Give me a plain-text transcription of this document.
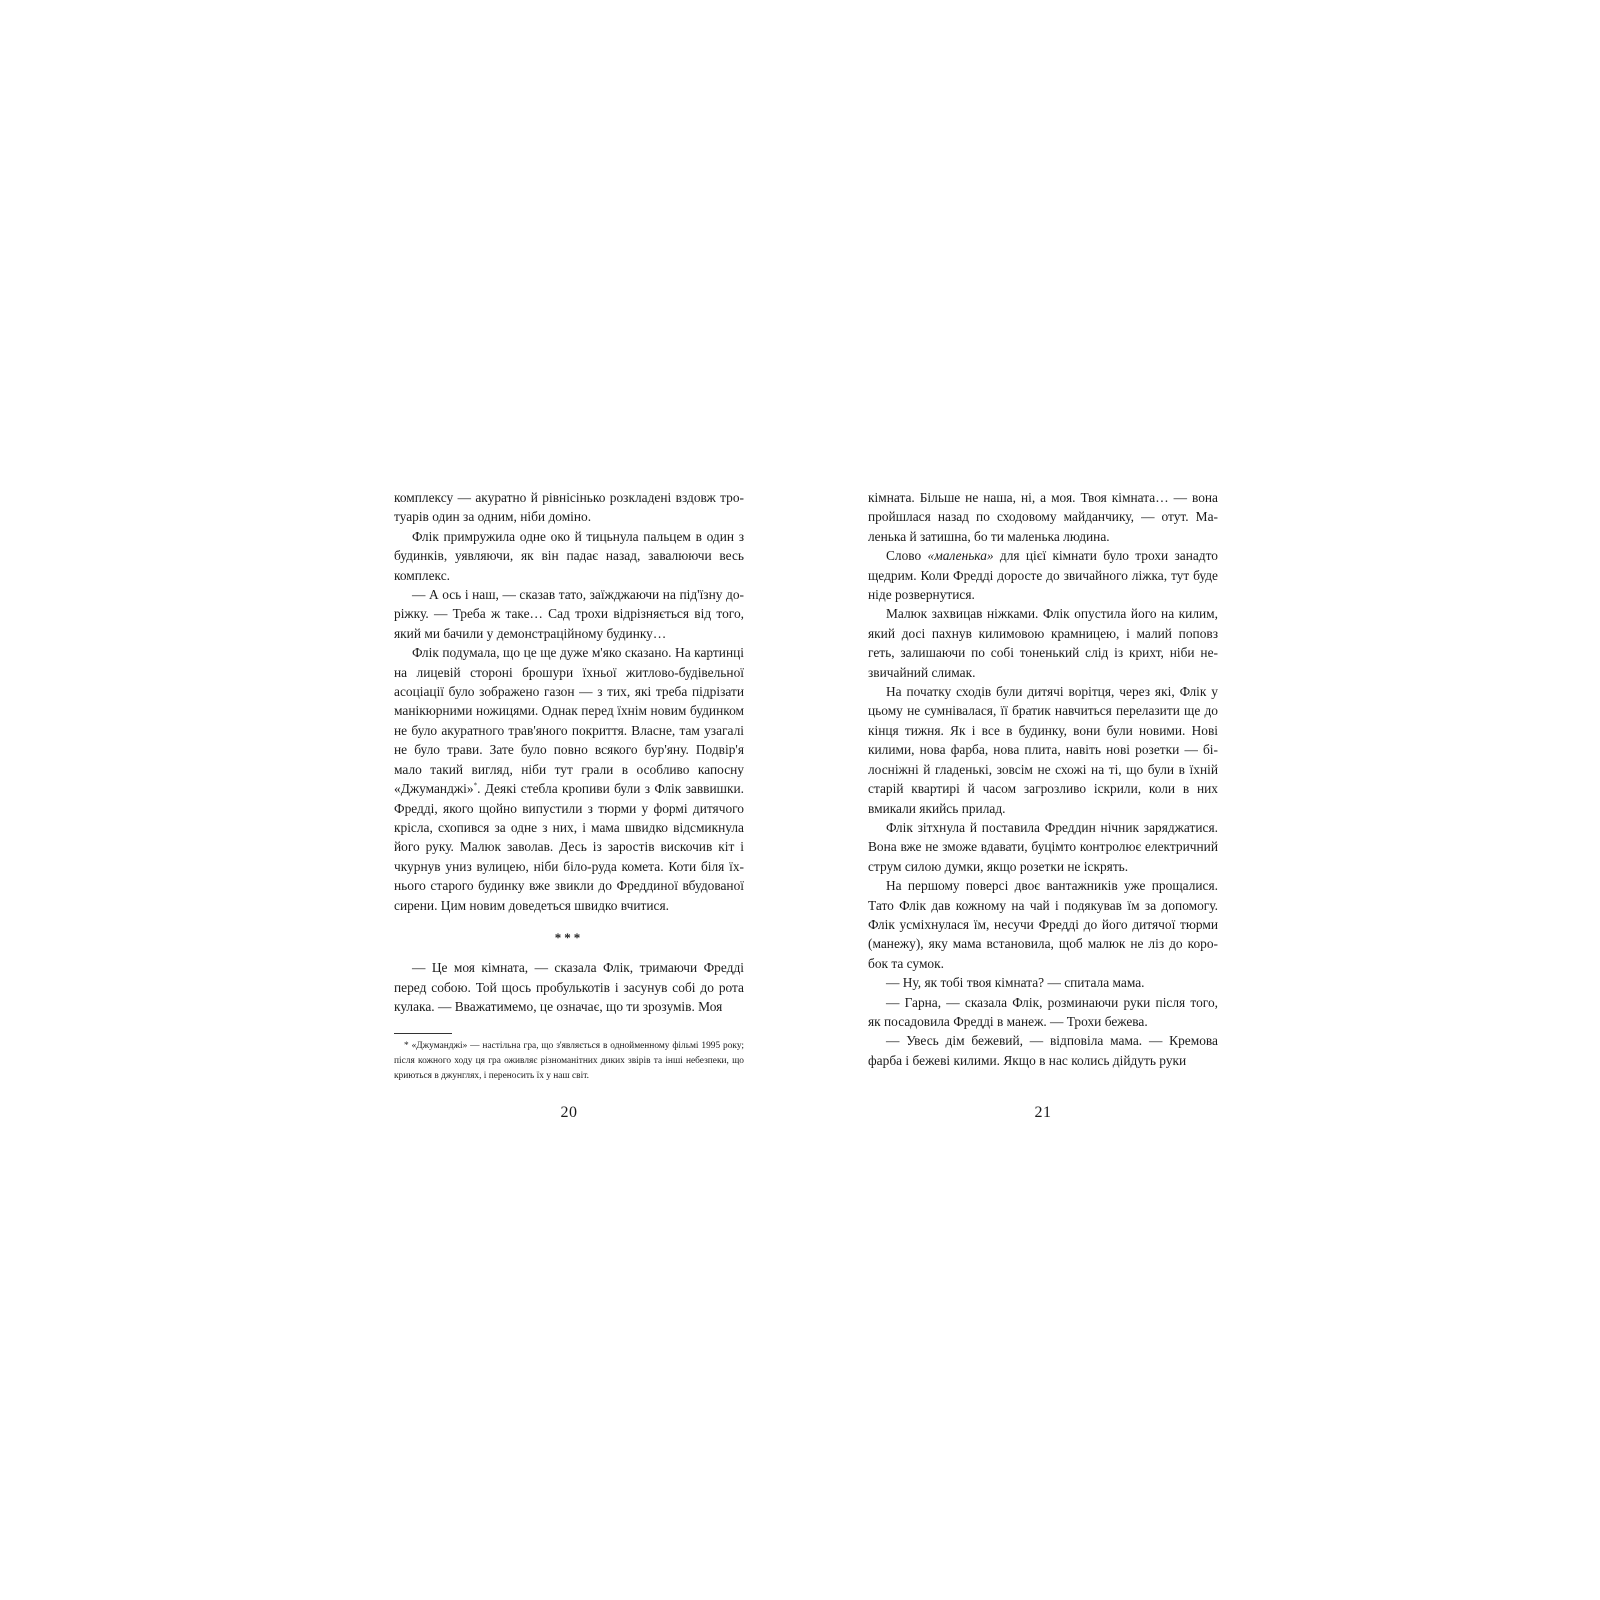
комплексу — акуратно й рівнісінько розкладені вздовж тротуарів один за одним, ніби доміно.

Флік примружила одне око й тицьнула пальцем в один з будинків, уявляючи, як він падає назад, завалюючи весь комплекс.

— А ось і наш, — сказав тато, заїжджаючи на під'їзну доріжку. — Треба ж таке… Сад трохи відрізняється від того, який ми бачили у демонстраційному будинку…

Флік подумала, що це ще дуже м'яко сказано. На картинці на лицевій стороні брошури їхньої житлово-будівельної асоціації було зображено газон — з тих, які треба підрізати манікюрними ножицями. Однак перед їхнім новим будинком не було акуратного трав'яного покриття. Власне, там узагалі не було трави. Зате було повно всякого бур'яну. Подвір'я мало такий вигляд, ніби тут грали в особливо капосну «Джуманджі»*. Деякі стебла кропиви були з Флік заввишки. Фредді, якого щойно випустили з тюрми у формі дитячого крісла, схопився за одне з них, і мама швидко відсмикнула його руку. Малюк заволав. Десь із заростів вискочив кіт і чкурнув униз вулицею, ніби біло-руда комета. Коти біля їхнього старого будинку вже звикли до Фреддиної вбудованої сирени. Цим новим доведеться швидко вчитися.

***

— Це моя кімната, — сказала Флік, тримаючи Фредді перед собою. Той щось пробулькотів і засунув собі до рота кулака. — Вважатимемо, це означає, що ти зрозумів. Моя

* «Джуманджі» — настільна гра, що з'являється в однойменному фільмі 1995 року; після кожного ходу ця гра оживляє різноманітних диких звірів та інші небезпеки, що криються в джунглях, і переносить їх у наш світ.

кімната. Більше не наша, ні, а моя. Твоя кімната… — вона пройшлася назад по сходовому майданчику, — отут. Маленька й затишна, бо ти маленька людина.

Слово «маленька» для цієї кімнати було трохи занадто щедрим. Коли Фредді доросте до звичайного ліжка, тут буде ніде розвернутися.

Малюк захвицав ніжками. Флік опустила його на килим, який досі пахнув килимовою крамницею, і малий поповз геть, залишаючи по собі тоненький слід із крихт, ніби незвичайний слимак.

На початку сходів були дитячі ворітця, через які, Флік у цьому не сумнівалася, її братик навчиться перелазити ще до кінця тижня. Як і все в будинку, вони були новими. Нові килими, нова фарба, нова плита, навіть нові розетки — білосніжні й гладенькі, зовсім не схожі на ті, що були в їхній старій квартирі й часом загрозливо іскрили, коли в них вмикали якийсь прилад.

Флік зітхнула й поставила Фреддин нічник заряджатися. Вона вже не зможе вдавати, буцімто контролює електричний струм силою думки, якщо розетки не іскрять.

На першому поверсі двоє вантажників уже прощалися. Тато Флік дав кожному на чай і подякував їм за допомогу. Флік усміхнулася їм, несучи Фредді до його дитячої тюрми (манежу), яку мама встановила, щоб малюк не ліз до коробок та сумок.

— Ну, як тобі твоя кімната? — спитала мама.

— Гарна, — сказала Флік, розминаючи руки після того, як посадовила Фредді в манеж. — Трохи бежева.

— Увесь дім бежевий, — відповіла мама. — Кремова фарба і бежеві килими. Якщо в нас колись дійдуть руки

20	21
